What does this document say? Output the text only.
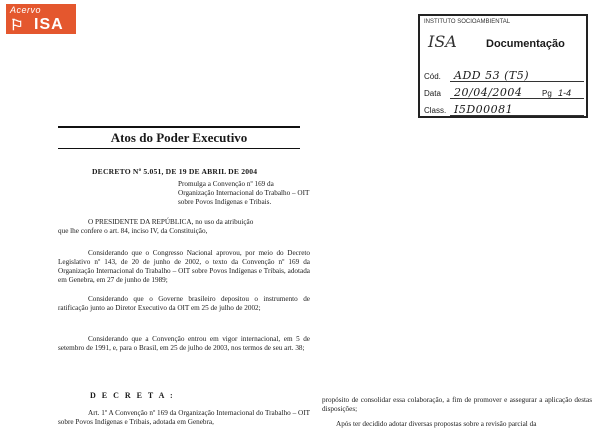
Acervo
⚐ ISA	INSTITUTO SOCIOAMBIENTAL
ISA	Documentação
Cód. ADD 53 (T5)
Data 20/04/2004 Pg 1-4
Class. I5D00081
Atos do Poder Executivo
DECRETO Nº 5.051, DE 19 DE ABRIL DE 2004
Promulga a Convenção nº 169 da Organização Internacional do Trabalho – OIT sobre Povos Indígenas e Tribais.
O PRESIDENTE DA REPÚBLICA, no uso da atribuição
que lhe confere o art. 84, inciso IV, da Constituição,
Considerando que o Congresso Nacional aprovou, por meio do Decreto Legislativo nº 143, de 20 de junho de 2002, o texto da Convenção nº 169 da Organização Internacional do Trabalho – OIT sobre Povos Indígenas e Tribais, adotada em Genebra, em 27 de junho de 1989;
Considerando que o Governe brasileiro depositou o instrumento de ratificação junto ao Diretor Executivo da OIT em 25 de julho de 2002;
Considerando que a Convenção entrou em vigor internacional, em 5 de setembro de 1991, e, para o Brasil, em 25 de julho de 2003, nos termos de seu art. 38;
D E C R E T A :
Art. 1º A Convenção nº 169 da Organização Internacional do Trabalho – OIT sobre Povos Indígenas e Tribais, adotada em Genebra,
propósito de consolidar essa colaboração, a fim de promover e assegurar a aplicação destas disposições;
Após ter decidido adotar diversas propostas sobre a revisão parcial da
